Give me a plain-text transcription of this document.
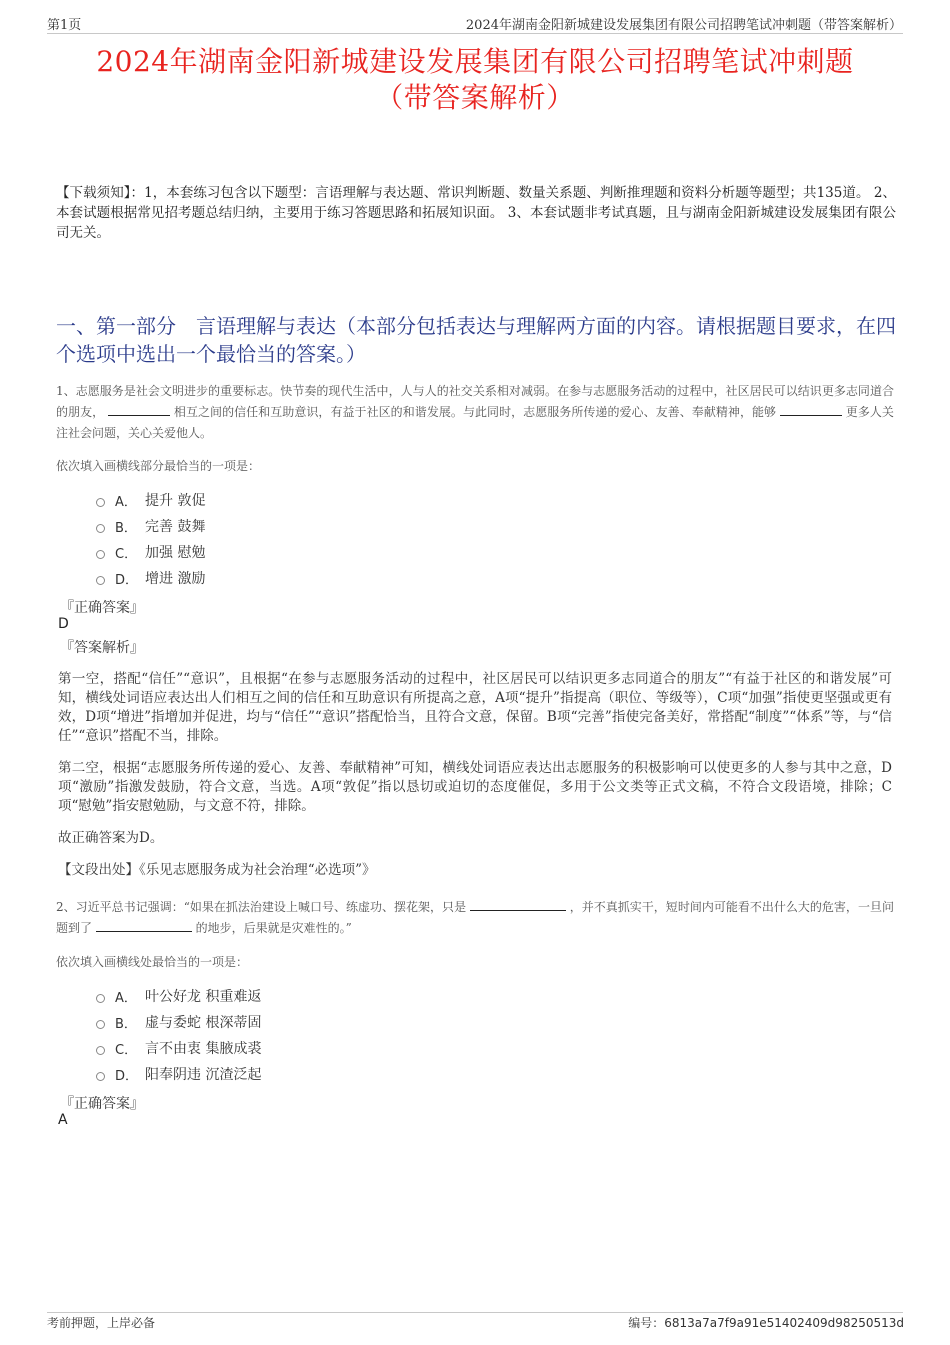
第1页	2024年湖南金阳新城建设发展集团有限公司招聘笔试冲刺题（带答案解析）
2024年湖南金阳新城建设发展集团有限公司招聘笔试冲刺题
（带答案解析）
【下载须知】：1，本套练习包含以下题型：言语理解与表达题、常识判断题、数量关系题、判断推理题和资料分析题等题型；共135道。 2、本套试题根据常见招考题总结归纳，主要用于练习答题思路和拓展知识面。 3、本套试题非考试真题，且与湖南金阳新城建设发展集团有限公司无关。
一、第一部分　言语理解与表达（本部分包括表达与理解两方面的内容。请根据题目要求，在四个选项中选出一个最恰当的答案。）
1、志愿服务是社会文明进步的重要标志。快节奏的现代生活中，人与人的社交关系相对减弱。在参与志愿服务活动的过程中，社区居民可以结识更多志同道合的朋友，	相互之间的信任和互助意识，有益于社区的和谐发展。与此同时，志愿服务所传递的爱心、友善、奉献精神，能够	更多人关注社会问题，关心关爱他人。
依次填入画横线部分最恰当的一项是：
A． 提升 敦促
B． 完善 鼓舞
C． 加强 慰勉
D． 增进 激励
『正确答案』
D
『答案解析』
第一空，搭配“信任”“意识”，且根据“在参与志愿服务活动的过程中，社区居民可以结识更多志同道合的朋友”“有益于社区的和谐发展”可知，横线处词语应表达出人们相互之间的信任和互助意识有所提高之意，A项“提升”指提高（职位、等级等），C项“加强”指使更坚强或更有效，D项“增进”指增加并促进，均与“信任”“意识”搭配恰当，且符合文意，保留。B项“完善”指使完备美好，常搭配“制度”“体系”等，与“信任”“意识”搭配不当，排除。
第二空，根据“志愿服务所传递的爱心、友善、奉献精神”可知，横线处词语应表达出志愿服务的积极影响可以使更多的人参与其中之意，D项“激励”指激发鼓励，符合文意，当选。A项“敦促”指以恳切或迫切的态度催促，多用于公文类等正式文稿，不符合文段语境，排除；C项“慰勉”指安慰勉励，与文意不符，排除。
故正确答案为D。
【文段出处】《乐见志愿服务成为社会治理“必选项”》
2、习近平总书记强调：“如果在抓法治建设上喊口号、练虚功、摆花架，只是	，并不真抓实干，短时间内可能看不出什么大的危害，一旦问题到了	的地步，后果就是灾难性的。”
依次填入画横线处最恰当的一项是：
A． 叶公好龙 积重难返
B． 虚与委蛇 根深蒂固
C． 言不由衷 集腋成裘
D． 阳奉阴违 沉渣泛起
『正确答案』
A
考前押题，上岸必备	编号：6813a7a7f9a91e51402409d98250513d
